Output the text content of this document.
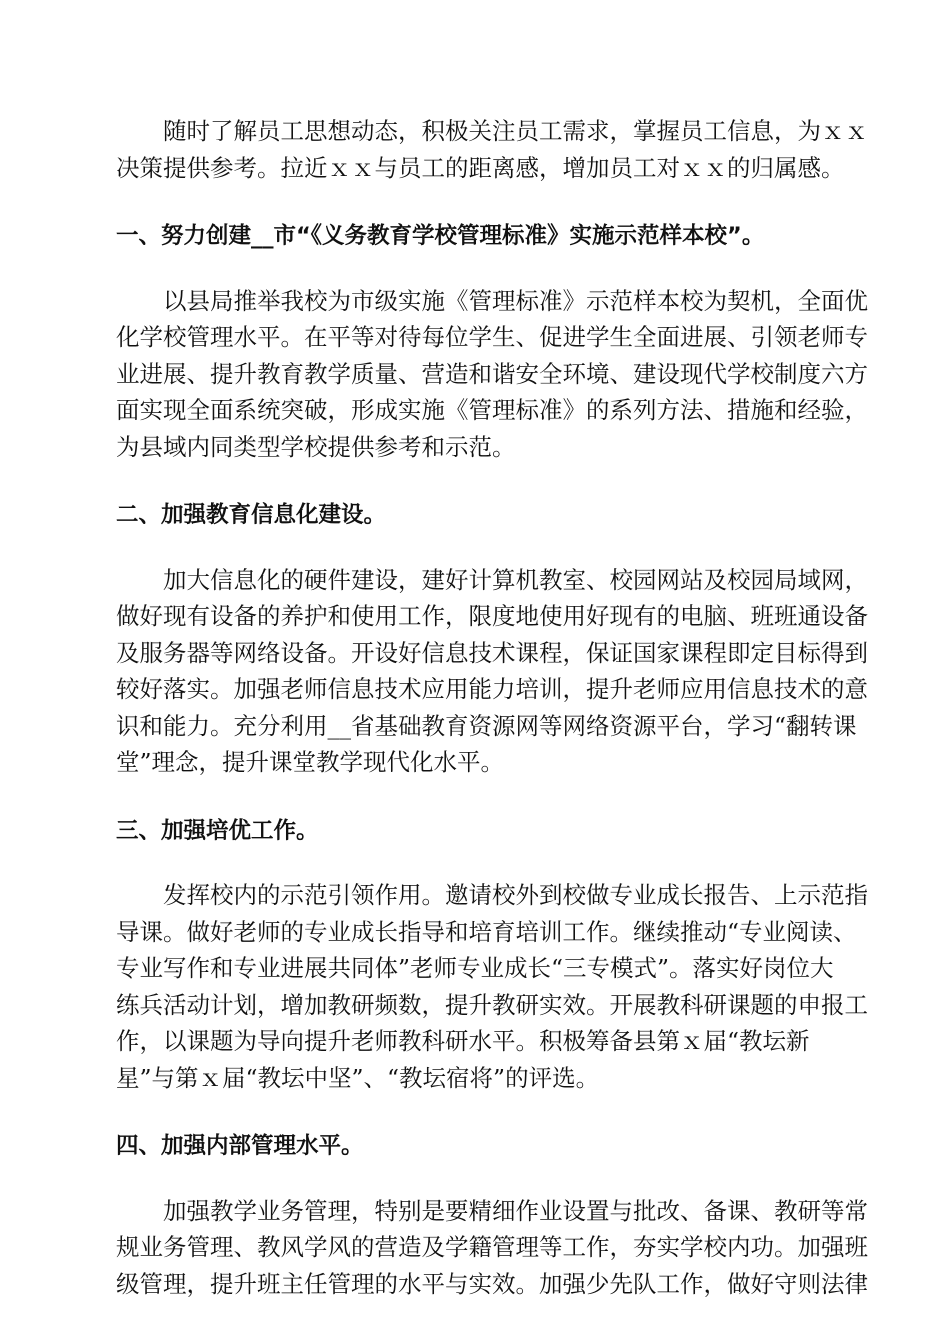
随时了解员工思想动态，积极关注员工需求，掌握员工信息，为ｘｘ
决策提供参考。拉近ｘｘ与员工的距离感，增加员工对ｘｘ的归属感。

一、努力创建__市“《义务教育学校管理标准》实施示范样本校”。

以县局推举我校为市级实施《管理标准》示范样本校为契机，全面优
化学校管理水平。在平等对待每位学生、促进学生全面进展、引领老师专
业进展、提升教育教学质量、营造和谐安全环境、建设现代学校制度六方
面实现全面系统突破，形成实施《管理标准》的系列方法、措施和经验，
为县域内同类型学校提供参考和示范。

二、加强教育信息化建设。

加大信息化的硬件建设，建好计算机教室、校园网站及校园局域网，
做好现有设备的养护和使用工作，限度地使用好现有的电脑、班班通设备
及服务器等网络设备。开设好信息技术课程，保证国家课程即定目标得到
较好落实。加强老师信息技术应用能力培训，提升老师应用信息技术的意
识和能力。充分利用__省基础教育资源网等网络资源平台，学习“翻转课
堂”理念，提升课堂教学现代化水平。

三、加强培优工作。

发挥校内的示范引领作用。邀请校外到校做专业成长报告、上示范指
导课。做好老师的专业成长指导和培育培训工作。继续推动“专业阅读、
专业写作和专业进展共同体”老师专业成长“三专模式”。落实好岗位大
练兵活动计划，增加教研频数，提升教研实效。开展教科研课题的申报工
作，以课题为导向提升老师教科研水平。积极筹备县第ｘ届“教坛新
星”与第ｘ届“教坛中坚”、“教坛宿将”的评选。

四、加强内部管理水平。

加强教学业务管理，特别是要精细作业设置与批改、备课、教研等常
规业务管理、教风学风的营造及学籍管理等工作，夯实学校内功。加强班
级管理，提升班主任管理的水平与实效。加强少先队工作，做好守则法律
